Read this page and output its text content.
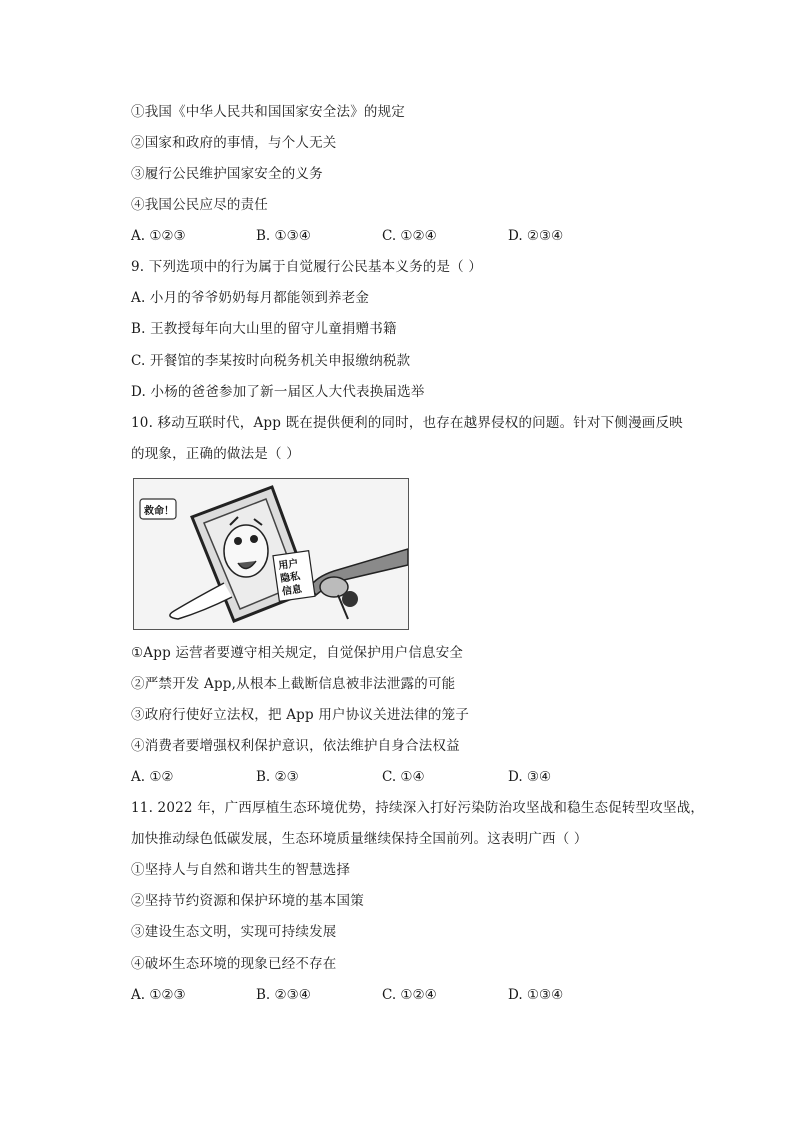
①我国《中华人民共和国国家安全法》的规定
②国家和政府的事情，与个人无关
③履行公民维护国家安全的义务
④我国公民应尽的责任
A. ①②③	B. ①③④	C. ①②④	D. ②③④
9. 下列选项中的行为属于自觉履行公民基本义务的是（ ）
A. 小月的爷爷奶奶每月都能领到养老金
B. 王教授每年向大山里的留守儿童捐赠书籍
C. 开餐馆的李某按时向税务机关申报缴纳税款
D. 小杨的爸爸参加了新一届区人大代表换届选举
10. 移动互联时代，App 既在提供便利的同时，也存在越界侵权的问题。针对下侧漫画反映
的现象，正确的做法是（ ）
救命！
用户
隐私
信息
①App 运营者要遵守相关规定，自觉保护用户信息安全
②严禁开发 App,从根本上截断信息被非法泄露的可能
③政府行使好立法权，把 App 用户协议关进法律的笼子
④消费者要增强权利保护意识，依法维护自身合法权益
A. ①②	B. ②③	C. ①④	D. ③④
11. 2022 年，广西厚植生态环境优势，持续深入打好污染防治攻坚战和稳生态促转型攻坚战，
加快推动绿色低碳发展，生态环境质量继续保持全国前列。这表明广西（ ）
①坚持人与自然和谐共生的智慧选择
②坚持节约资源和保护环境的基本国策
③建设生态文明，实现可持续发展
④破坏生态环境的现象已经不存在
A. ①②③	B. ②③④	C. ①②④	D. ①③④
